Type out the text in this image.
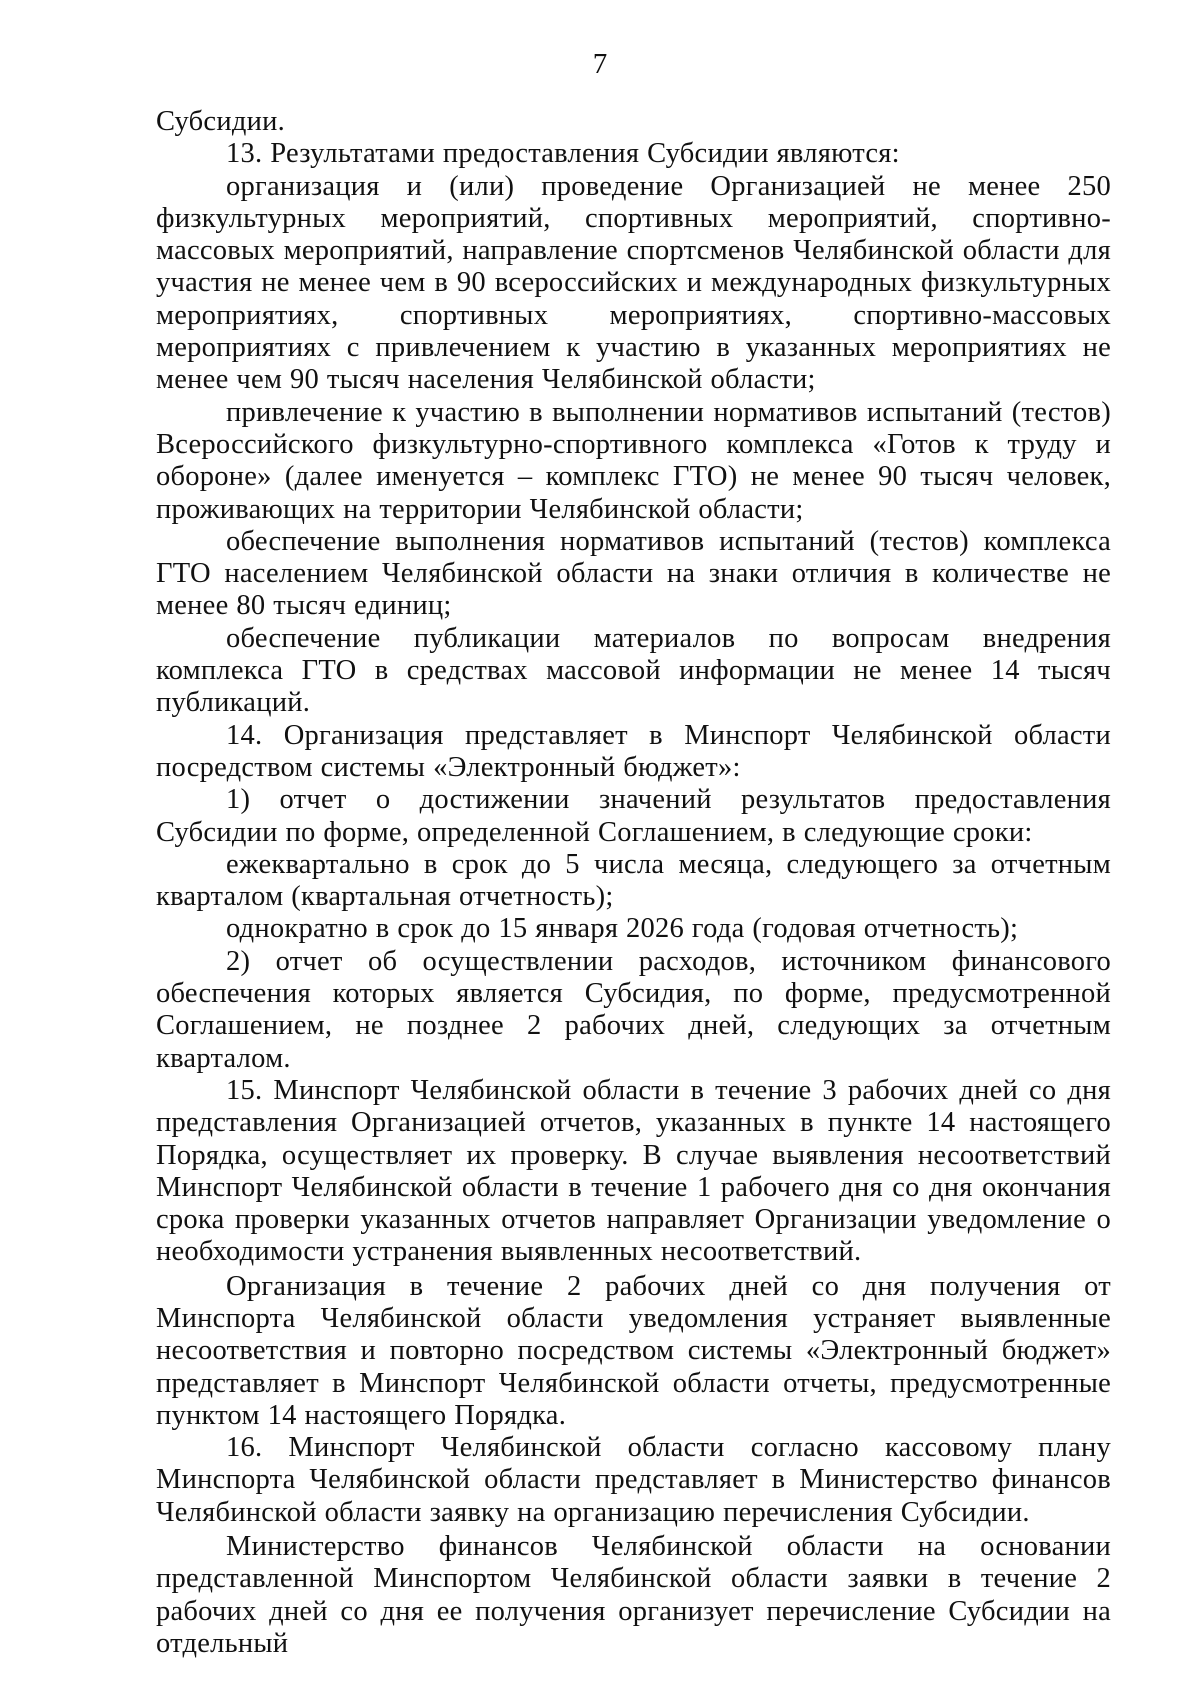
7

Субсидии.

13. Результатами предоставления Субсидии являются:

организация и (или) проведение Организацией не менее 250 физкультурных мероприятий, спортивных мероприятий, спортивно-массовых мероприятий, направление спортсменов Челябинской области для участия не менее чем в 90 всероссийских и международных физкультурных мероприятиях, спортивных мероприятиях, спортивно-массовых мероприятиях с привлечением к участию в указанных мероприятиях не менее чем 90 тысяч населения Челябинской области;

привлечение к участию в выполнении нормативов испытаний (тестов) Всероссийского физкультурно-спортивного комплекса «Готов к труду и обороне» (далее именуется – комплекс ГТО) не менее 90 тысяч человек, проживающих на территории Челябинской области;

обеспечение выполнения нормативов испытаний (тестов) комплекса ГТО населением Челябинской области на знаки отличия в количестве не менее 80 тысяч единиц;

обеспечение публикации материалов по вопросам внедрения комплекса ГТО в средствах массовой информации не менее 14 тысяч публикаций.

14. Организация представляет в Минспорт Челябинской области посредством системы «Электронный бюджет»:

1) отчет о достижении значений результатов предоставления Субсидии по форме, определенной Соглашением, в следующие сроки:

ежеквартально в срок до 5 числа месяца, следующего за отчетным кварталом (квартальная отчетность);

однократно в срок до 15 января 2026 года (годовая отчетность);

2) отчет об осуществлении расходов, источником финансового обеспечения которых является Субсидия, по форме, предусмотренной Соглашением, не позднее 2 рабочих дней, следующих за отчетным кварталом.

15. Минспорт Челябинской области в течение 3 рабочих дней со дня представления Организацией отчетов, указанных в пункте 14 настоящего Порядка, осуществляет их проверку. В случае выявления несоответствий Минспорт Челябинской области в течение 1 рабочего дня со дня окончания срока проверки указанных отчетов направляет Организации уведомление о необходимости устранения выявленных несоответствий.

Организация в течение 2 рабочих дней со дня получения от Минспорта Челябинской области уведомления устраняет выявленные несоответствия и повторно посредством системы «Электронный бюджет» представляет в Минспорт Челябинской области отчеты, предусмотренные пунктом 14 настоящего Порядка.

16. Минспорт Челябинской области согласно кассовому плану Минспорта Челябинской области представляет в Министерство финансов Челябинской области заявку на организацию перечисления Субсидии.

Министерство финансов Челябинской области на основании представленной Минспортом Челябинской области заявки в течение 2 рабочих дней со дня ее получения организует перечисление Субсидии на отдельный
